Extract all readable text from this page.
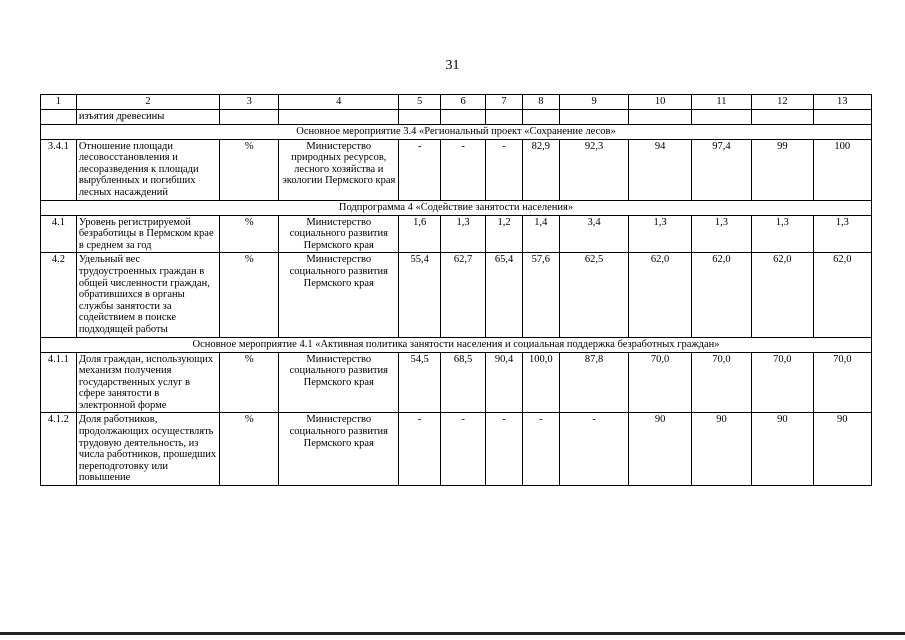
31
1	2	3	4	5	6	7	8	9	10	11	12	13
	изъятия древесины											
Основное мероприятие 3.4 «Региональный проект «Сохранение лесов»												
3.4.1	Отношение площади лесовосстановления и лесоразведения к площади вырубленных и погибших лесных насаждений	%	Министерство природных ресурсов, лесного хозяйства и экологии Пермского края	-	-	-	82,9	92,3	94	97,4	99	100
Подпрограмма 4 «Содействие занятости населения»												
4.1	Уровень регистрируемой безработицы в Пермском крае в среднем за год	%	Министерство социального развития Пермского края	1,6	1,3	1,2	1,4	3,4	1,3	1,3	1,3	1,3
4.2	Удельный вес трудоустроенных граждан в общей численности граждан, обратившихся в органы службы занятости за содействием в поиске подходящей работы	%	Министерство социального развития Пермского края	55,4	62,7	65,4	57,6	62,5	62,0	62,0	62,0	62,0
Основное мероприятие 4.1 «Активная политика занятости населения и социальная поддержка безработных граждан»												
4.1.1	Доля граждан, использующих механизм получения государственных услуг в сфере занятости в электронной форме	%	Министерство социального развития Пермского края	54,5	68,5	90,4	100,0	87,8	70,0	70,0	70,0	70,0
4.1.2	Доля работников, продолжающих осуществлять трудовую деятельность, из числа работников, прошедших переподготовку или повышение	%	Министерство социального развития Пермского края	-	-	-	-	-	90	90	90	90
